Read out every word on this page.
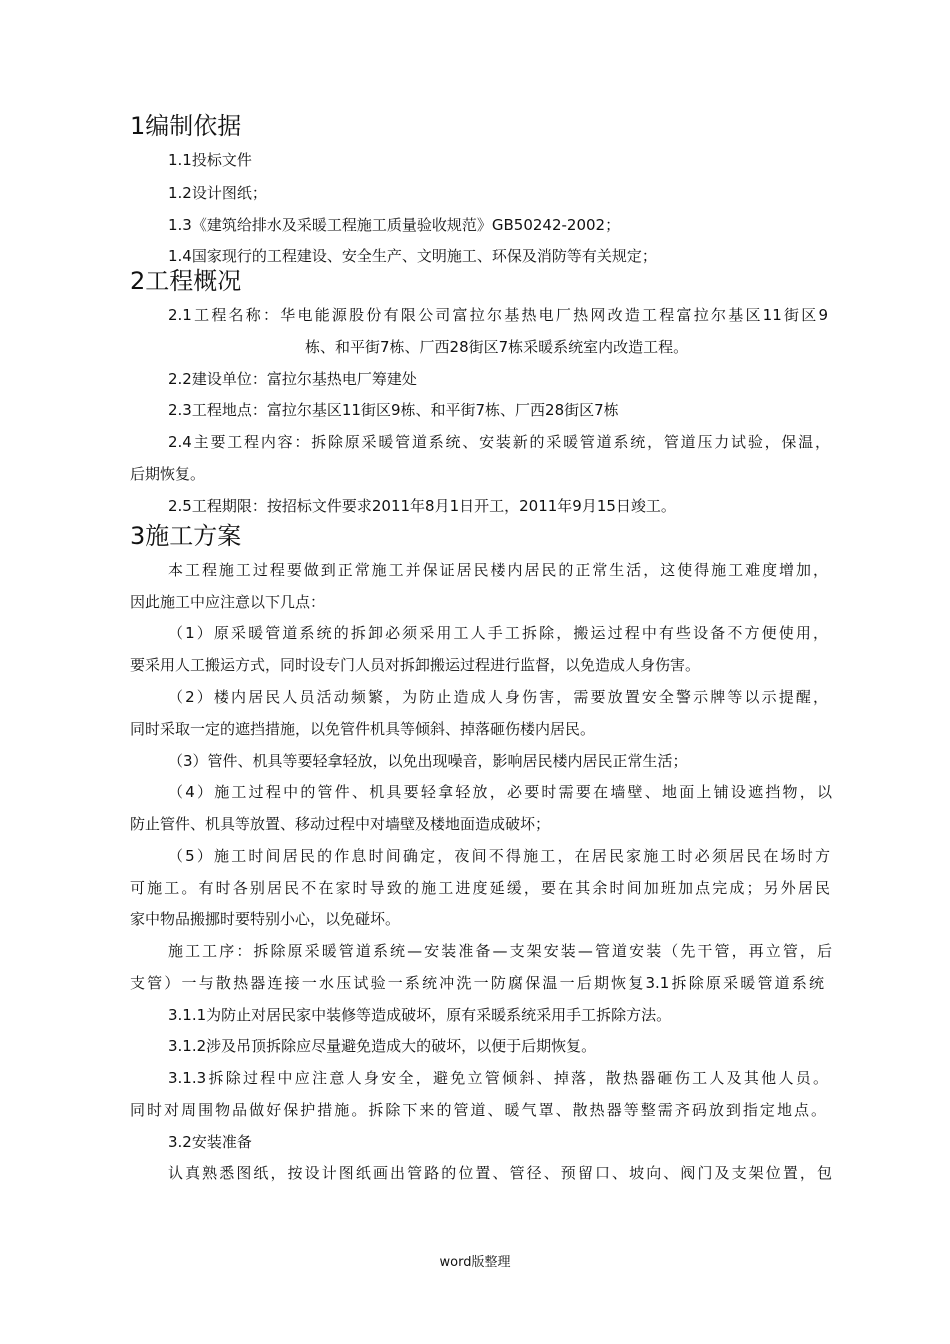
1编制依据
1.1投标文件
1.2设计图纸；
1.3《建筑给排水及采暖工程施工质量验收规范》GB50242-2002；
1.4国家现行的工程建设、安全生产、文明施工、环保及消防等有关规定；
2工程概况
2.1工程名称：华电能源股份有限公司富拉尔基热电厂热网改造工程富拉尔基区11街区9
栋、和平街7栋、厂西28街区7栋采暖系统室内改造工程。
2.2建设单位：富拉尔基热电厂筹建处
2.3工程地点：富拉尔基区11街区9栋、和平街7栋、厂西28街区7栋
2.4主要工程内容：拆除原采暖管道系统、安装新的采暖管道系统，管道压力试验，保温，
后期恢复。
2.5工程期限：按招标文件要求2011年8月1日开工，2011年9月15日竣工。
3施工方案
本工程施工过程要做到正常施工并保证居民楼内居民的正常生活，这使得施工难度增加，
因此施工中应注意以下几点：
（1）原采暖管道系统的拆卸必须采用工人手工拆除，搬运过程中有些设备不方便使用，
要采用人工搬运方式，同时设专门人员对拆卸搬运过程进行监督，以免造成人身伤害。
（2）楼内居民人员活动频繁，为防止造成人身伤害，需要放置安全警示牌等以示提醒，
同时采取一定的遮挡措施，以免管件机具等倾斜、掉落砸伤楼内居民。
（3）管件、机具等要轻拿轻放，以免出现噪音，影响居民楼内居民正常生活；
（4）施工过程中的管件、机具要轻拿轻放，必要时需要在墙壁、地面上铺设遮挡物，以
防止管件、机具等放置、移动过程中对墙壁及楼地面造成破坏；
（5）施工时间居民的作息时间确定，夜间不得施工，在居民家施工时必须居民在场时方
可施工。有时各别居民不在家时导致的施工进度延缓，要在其余时间加班加点完成；另外居民
家中物品搬挪时要特别小心，以免碰坏。
施工工序：拆除原采暖管道系统—安装准备—支架安装—管道安装（先干管，再立管，后
支管）一与散热器连接一水压试验一系统冲洗一防腐保温一后期恢复3.1拆除原采暖管道系统
3.1.1为防止对居民家中装修等造成破坏，原有采暖系统采用手工拆除方法。
3.1.2涉及吊顶拆除应尽量避免造成大的破坏，以便于后期恢复。
3.1.3拆除过程中应注意人身安全，避免立管倾斜、掉落，散热器砸伤工人及其他人员。
同时对周围物品做好保护措施。拆除下来的管道、暖气罩、散热器等整需齐码放到指定地点。
3.2安装准备
认真熟悉图纸，按设计图纸画出管路的位置、管径、预留口、坡向、阀门及支架位置，包
word版整理
